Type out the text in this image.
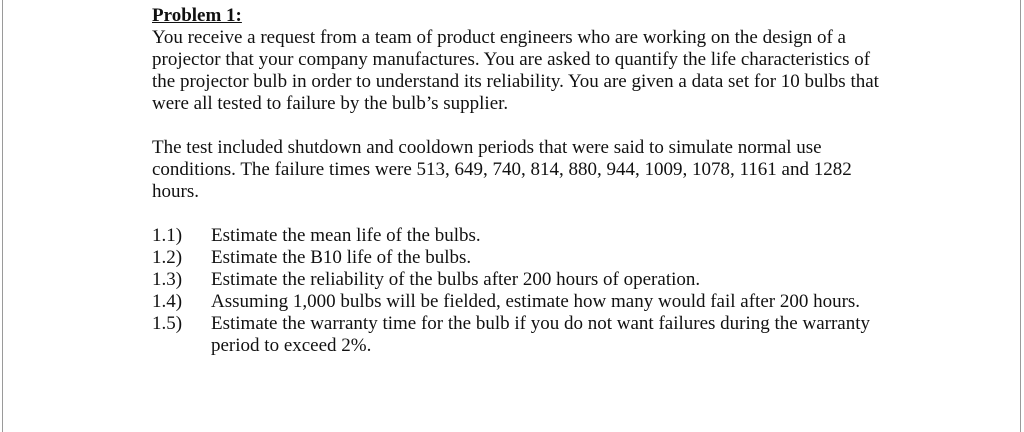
Problem 1:

You receive a request from a team of product engineers who are working on the design of a projector that your company manufactures. You are asked to quantify the life characteristics of the projector bulb in order to understand its reliability. You are given a data set for 10 bulbs that were all tested to failure by the bulb’s supplier.

The test included shutdown and cooldown periods that were said to simulate normal use conditions. The failure times were 513, 649, 740, 814, 880, 944, 1009, 1078, 1161 and 1282 hours.

1.1)	Estimate the mean life of the bulbs.
1.2)	Estimate the B10 life of the bulbs.
1.3)	Estimate the reliability of the bulbs after 200 hours of operation.
1.4)	Assuming 1,000 bulbs will be fielded, estimate how many would fail after 200 hours.
1.5)	Estimate the warranty time for the bulb if you do not want failures during the warranty period to exceed 2%.
